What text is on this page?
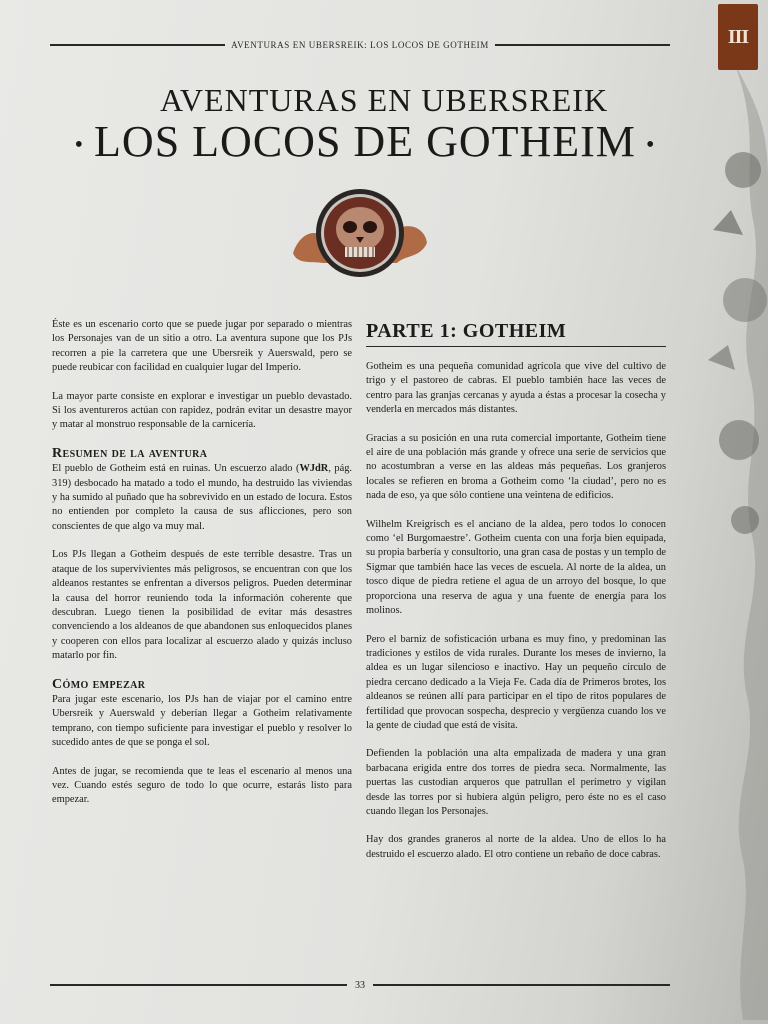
III
AVENTURAS EN UBERSREIK: LOS LOCOS DE GOTHEIM
AVENTURAS EN UBERSREIK
• LOS LOCOS DE GOTHEIM •

Éste es un escenario corto que se puede jugar por separado o mientras los Personajes van de un sitio a otro. La aventura supone que los PJs recorren a pie la carretera que une Ubersreik y Auerswald, pero se puede reubicar con facilidad en cualquier lugar del Imperio.

La mayor parte consiste en explorar e investigar un pueblo devastado. Si los aventureros actúan con rapidez, podrán evitar un desastre mayor y matar al monstruo responsable de la carnicería.

Resumen de la aventura

El pueblo de Gotheim está en ruinas. Un escuerzo alado (WJdR, pág. 319) desbocado ha matado a todo el mundo, ha destruido las viviendas y ha sumido al puñado que ha sobrevivido en un estado de locura. Estos no entienden por completo la causa de sus aflicciones, pero son conscientes de que algo va muy mal.

Los PJs llegan a Gotheim después de este terrible desastre. Tras un ataque de los supervivientes más peligrosos, se encuentran con que los aldeanos restantes se enfrentan a diversos peligros. Pueden determinar la causa del horror reuniendo toda la información coherente que descubran. Luego tienen la posibilidad de evitar más desastres convenciendo a los aldeanos de que abandonen sus enloquecidos planes y cooperen con ellos para localizar al escuerzo alado y quizás incluso matarlo por fin.

Cómo empezar

Para jugar este escenario, los PJs han de viajar por el camino entre Ubersreik y Auerswald y deberían llegar a Gotheim relativamente temprano, con tiempo suficiente para investigar el pueblo y resolver lo sucedido antes de que se ponga el sol.

Antes de jugar, se recomienda que te leas el escenario al menos una vez. Cuando estés seguro de todo lo que ocurre, estarás listo para empezar.

PARTE 1: GOTHEIM

Gotheim es una pequeña comunidad agrícola que vive del cultivo de trigo y el pastoreo de cabras. El pueblo también hace las veces de centro para las granjas cercanas y ayuda a éstas a procesar la cosecha y venderla en mercados más distantes.

Gracias a su posición en una ruta comercial importante, Gotheim tiene el aire de una población más grande y ofrece una serie de servicios que no acostumbran a verse en las aldeas más pequeñas. Los granjeros locales se refieren en broma a Gotheim como ‘la ciudad’, pero no es nada de eso, ya que sólo contiene una veintena de edificios.

Wilhelm Kreigrisch es el anciano de la aldea, pero todos lo conocen como ‘el Burgomaestre’. Gotheim cuenta con una forja bien equipada, su propia barbería y consultorio, una gran casa de postas y un templo de Sigmar que también hace las veces de escuela. Al norte de la aldea, un tosco dique de piedra retiene el agua de un arroyo del bosque, lo que proporciona una reserva de agua y una fuente de energía para los molinos.

Pero el barniz de sofisticación urbana es muy fino, y predominan las tradiciones y estilos de vida rurales. Durante los meses de invierno, la aldea es un lugar silencioso e inactivo. Hay un pequeño círculo de piedra cercano dedicado a la Vieja Fe. Cada día de Primeros brotes, los aldeanos se reúnen allí para participar en el tipo de ritos populares de fertilidad que provocan sospecha, desprecio y vergüenza cuando los ve la gente de ciudad que está de visita.

Defienden la población una alta empalizada de madera y una gran barbacana erigida entre dos torres de piedra seca. Normalmente, las puertas las custodian arqueros que patrullan el perímetro y vigilan desde las torres por si hubiera algún peligro, pero éste no es el caso cuando llegan los Personajes.

Hay dos grandes graneros al norte de la aldea. Uno de ellos lo ha destruido el escuerzo alado. El otro contiene un rebaño de doce cabras.

33
